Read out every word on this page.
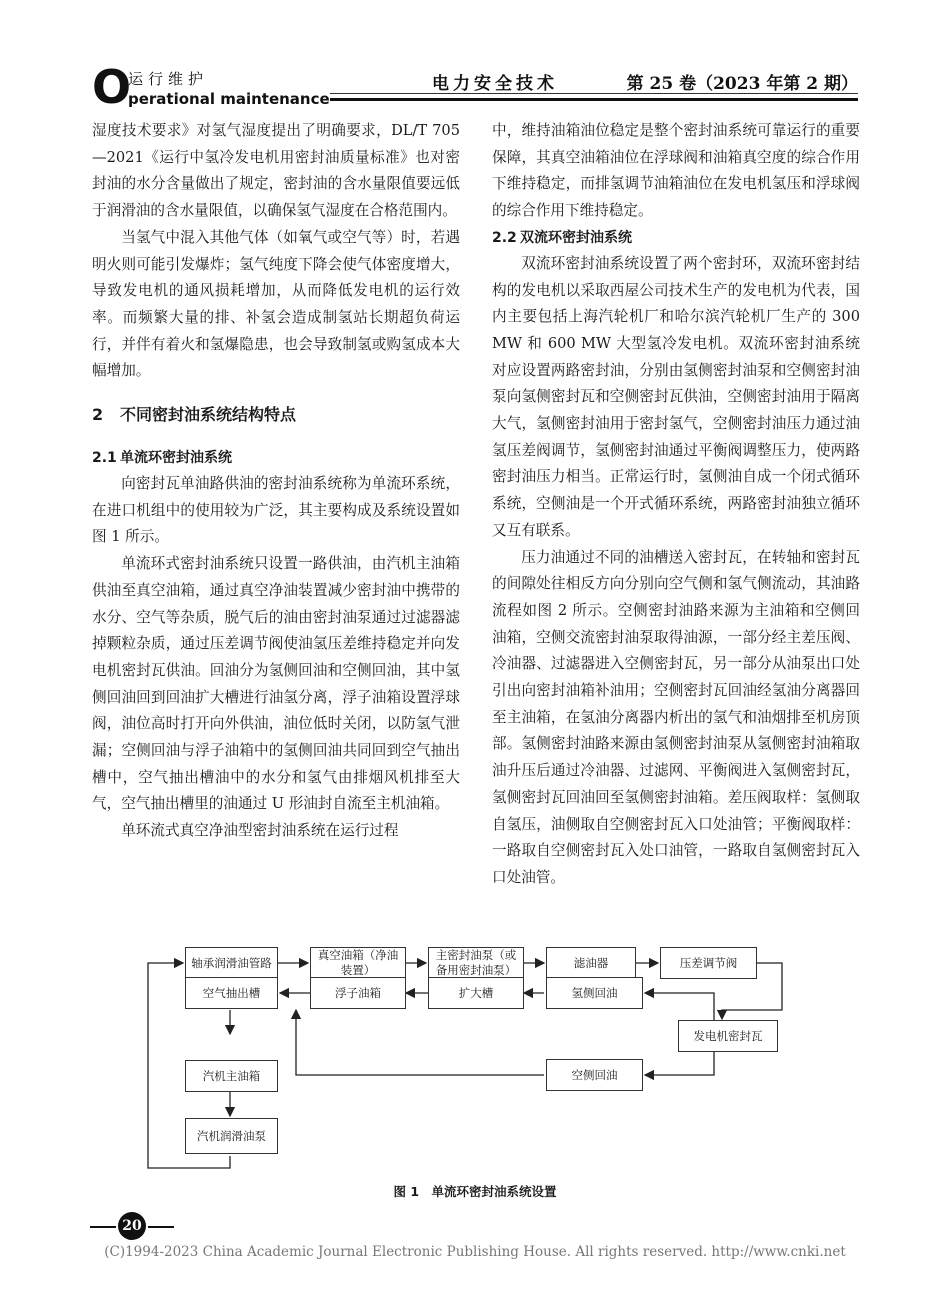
O
运行维护
perational maintenance
电力安全技术	第 25 卷（2023 年第 2 期）

湿度技术要求》对氢气湿度提出了明确要求，DL/T 705—2021《运行中氢冷发电机用密封油质量标准》也对密封油的水分含量做出了规定，密封油的含水量限值要远低于润滑油的含水量限值，以确保氢气湿度在合格范围内。

当氢气中混入其他气体（如氧气或空气等）时，若遇明火则可能引发爆炸；氢气纯度下降会使气体密度增大，导致发电机的通风损耗增加，从而降低发电机的运行效率。而频繁大量的排、补氢会造成制氢站长期超负荷运行，并伴有着火和氢爆隐患，也会导致制氢或购氢成本大幅增加。

2 不同密封油系统结构特点
2.1 单流环密封油系统

向密封瓦单油路供油的密封油系统称为单流环系统，在进口机组中的使用较为广泛，其主要构成及系统设置如图 1 所示。

单流环式密封油系统只设置一路供油，由汽机主油箱供油至真空油箱，通过真空净油装置减少密封油中携带的水分、空气等杂质，脱气后的油由密封油泵通过过滤器滤掉颗粒杂质，通过压差调节阀使油氢压差维持稳定并向发电机密封瓦供油。回油分为氢侧回油和空侧回油，其中氢侧回油回到回油扩大槽进行油氢分离，浮子油箱设置浮球阀，油位高时打开向外供油，油位低时关闭，以防氢气泄漏；空侧回油与浮子油箱中的氢侧回油共同回到空气抽出槽中，空气抽出槽油中的水分和氢气由排烟风机排至大气，空气抽出槽里的油通过 U 形油封自流至主机油箱。

单环流式真空净油型密封油系统在运行过程

中，维持油箱油位稳定是整个密封油系统可靠运行的重要保障，其真空油箱油位在浮球阀和油箱真空度的综合作用下维持稳定，而排氢调节油箱油位在发电机氢压和浮球阀的综合作用下维持稳定。

2.2 双流环密封油系统

双流环密封油系统设置了两个密封环，双流环密封结构的发电机以采取西屋公司技术生产的发电机为代表，国内主要包括上海汽轮机厂和哈尔滨汽轮机厂生产的 300 MW 和 600 MW 大型氢冷发电机。双流环密封油系统对应设置两路密封油，分别由氢侧密封油泵和空侧密封油泵向氢侧密封瓦和空侧密封瓦供油，空侧密封油用于隔离大气，氢侧密封油用于密封氢气，空侧密封油压力通过油氢压差阀调节，氢侧密封油通过平衡阀调整压力，使两路密封油压力相当。正常运行时，氢侧油自成一个闭式循环系统，空侧油是一个开式循环系统，两路密封油独立循环又互有联系。

压力油通过不同的油槽送入密封瓦，在转轴和密封瓦的间隙处往相反方向分别向空气侧和氢气侧流动，其油路流程如图 2 所示。空侧密封油路来源为主油箱和空侧回油箱，空侧交流密封油泵取得油源，一部分经主差压阀、冷油器、过滤器进入空侧密封瓦，另一部分从油泵出口处引出向密封油箱补油用；空侧密封瓦回油经氢油分离器回至主油箱，在氢油分离器内析出的氢气和油烟排至机房顶部。氢侧密封油路来源由氢侧密封油泵从氢侧密封油箱取油升压后通过冷油器、过滤网、平衡阀进入氢侧密封瓦，氢侧密封瓦回油回至氢侧密封油箱。差压阀取样：氢侧取自氢压，油侧取自空侧密封瓦入口处油管；平衡阀取样：一路取自空侧密封瓦入处口油管，一路取自氢侧密封瓦入口处油管。

轴承润滑油管路
真空油箱（净油装置）
主密封油泵（或备用密封油泵）
滤油器	压差调节阀
空气抽出槽	浮子油箱	扩大槽	氢侧回油
发电机密封瓦
空侧回油
汽机主油箱
汽机润滑油泵
图 1　单流环密封油系统设置
20
(C)1994-2023 China Academic Journal Electronic Publishing House. All rights reserved. http://www.cnki.net
